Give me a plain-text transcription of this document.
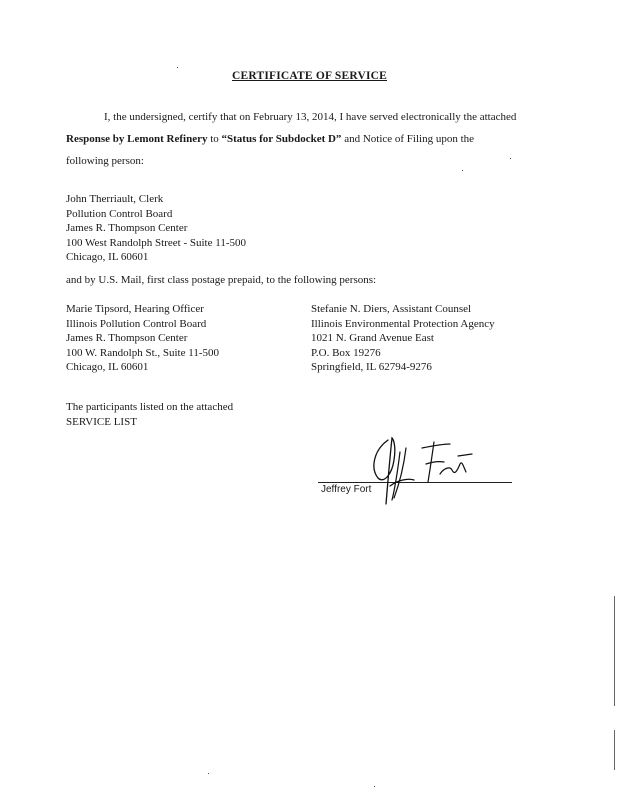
CERTIFICATE OF SERVICE
I, the undersigned, certify that on February 13, 2014, I have served electronically the attached Response by Lemont Refinery to “Status for Subdocket D” and Notice of Filing upon the following person:
John Therriault, Clerk
Pollution Control Board
James R. Thompson Center
100 West Randolph Street - Suite 11-500
Chicago, IL 60601
and by U.S. Mail, first class postage prepaid, to the following persons:
Marie Tipsord, Hearing Officer
Illinois Pollution Control Board
James R. Thompson Center
100 W. Randolph St., Suite 11-500
Chicago, IL 60601
Stefanie N. Diers, Assistant Counsel
Illinois Environmental Protection Agency
1021 N. Grand Avenue East
P.O. Box 19276
Springfield, IL 62794-9276
The participants listed on the attached
SERVICE LIST
Jeffrey Fort
